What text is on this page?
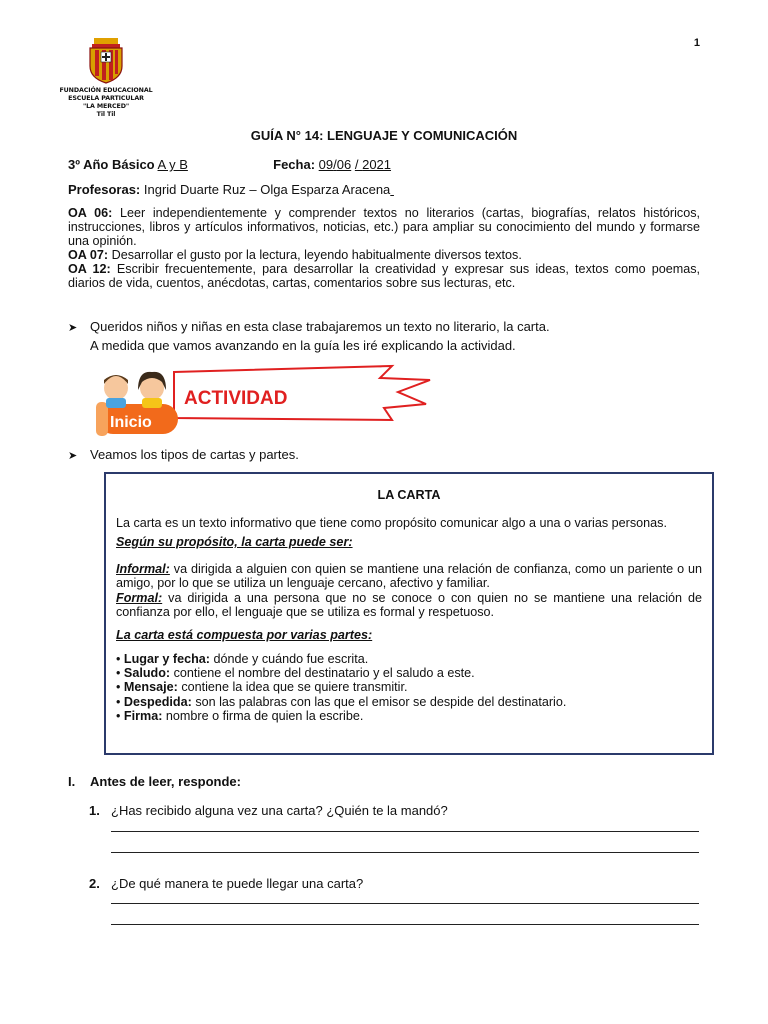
1
FUNDACIÓN EDUCACIONAL
ESCUELA PARTICULAR
"LA MERCED"
Til Til
GUÍA N° 14: LENGUAJE Y COMUNICACIÓN
3º Año Básico A y B	Fecha: 09/06 / 2021
Profesoras: Ingrid Duarte Ruz – Olga Esparza Aracena

OA 06: Leer independientemente y comprender textos no literarios (cartas, biografías, relatos históricos, instrucciones, libros y artículos informativos, noticias, etc.) para ampliar su conocimiento del mundo y formarse una opinión.

OA 07: Desarrollar el gusto por la lectura, leyendo habitualmente diversos textos.

OA 12: Escribir frecuentemente, para desarrollar la creatividad y expresar sus ideas, textos como poemas, diarios de vida, cuentos, anécdotas, cartas, comentarios sobre sus lecturas, etc.

➤ Queridos niños y niñas en esta clase trabajaremos un texto no literario, la carta.
A medida que vamos avanzando en la guía les iré explicando la actividad.
ACTIVIDAD
Inicio
➤ Veamos los tipos de cartas y partes.
LA CARTA

La carta es un texto informativo que tiene como propósito comunicar algo a una o varias personas.

Según su propósito, la carta puede ser:

Informal: va dirigida a alguien con quien se mantiene una relación de confianza, como un pariente o un amigo, por lo que se utiliza un lenguaje cercano, afectivo y familiar.

Formal: va dirigida a una persona que no se conoce o con quien no se mantiene una relación de confianza por ello, el lenguaje que se utiliza es formal y respetuoso.

La carta está compuesta por varias partes:
• Lugar y fecha: dónde y cuándo fue escrita.
• Saludo: contiene el nombre del destinatario y el saludo a este.
• Mensaje: contiene la idea que se quiere transmitir.
• Despedida: son las palabras con las que el emisor se despide del destinatario.
• Firma: nombre o firma de quien la escribe.
I. Antes de leer, responde:
1. ¿Has recibido alguna vez una carta? ¿Quién te la mandó?
2. ¿De qué manera te puede llegar una carta?
